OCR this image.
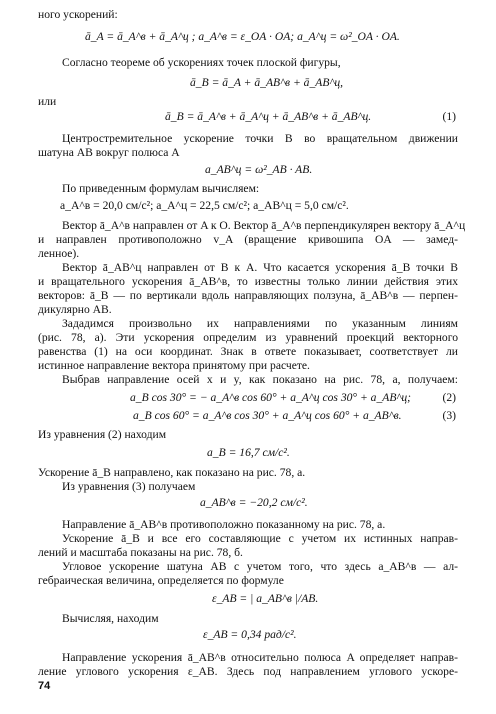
ного ускорений:
ā_A = ā_A^в + ā_A^ц ; a_A^в = ε_OA · OA; a_A^ц = ω²_OA · OA.
Согласно теореме об ускорениях точек плоской фигуры,
ā_B = ā_A + ā_AB^в + ā_AB^ц,
или
ā_B = ā_A^в + ā_A^ц + ā_AB^в + ā_AB^ц.	(1)
Центростремительное ускорение точки B во вращательном движении
шатуна AB вокруг полюса A
a_AB^ц = ω²_AB · AB.
По приведенным формулам вычисляем:
a_A^в = 20,0 см/с²; a_A^ц = 22,5 см/с²; a_AB^ц = 5,0 см/с².
Вектор ā_A^в направлен от A к O. Вектор ā_A^в перпендикулярен вектору ā_A^ц
и направлен противоположно v_A (вращение кривошипа OA — замед-
ленное).
Вектор ā_AB^ц направлен от B к A. Что касается ускорения ā_B точки B
и вращательного ускорения ā_AB^в, то известны только линии действия этих
векторов: ā_B — по вертикали вдоль направляющих ползуна, ā_AB^в — перпен-
дикулярно AB.
Зададимся произвольно их направлениями по указанным линиям
(рис. 78, а). Эти ускорения определим из уравнений проекций векторного
равенства (1) на оси координат. Знак в ответе показывает, соответствует ли
истинное направление вектора принятому при расчете.
Выбрав направление осей x и y, как показано на рис. 78, а, получаем:
a_B cos 30° = − a_A^в cos 60° + a_A^ц cos 30° + a_AB^ц;	(2)
a_B cos 60° = a_A^в cos 30° + a_A^ц cos 60° + a_AB^в.	(3)
Из уравнения (2) находим
a_B = 16,7 см/с².
Ускорение ā_B направлено, как показано на рис. 78, а.
Из уравнения (3) получаем
a_AB^в = −20,2 см/с².
Направление ā_AB^в противоположно показанному на рис. 78, а.
Ускорение ā_B и все его составляющие с учетом их истинных направ-
лений и масштаба показаны на рис. 78, б.
Угловое ускорение шатуна AB с учетом того, что здесь a_AB^в — ал-
гебраическая величина, определяется по формуле
ε_AB = | a_AB^в |/AB.
Вычисляя, находим
ε_AB = 0,34 рад/с².
Направление ускорения ā_AB^в относительно полюса A определяет направ-
ление углового ускорения ε_AB. Здесь под направлением углового ускоре-
74
